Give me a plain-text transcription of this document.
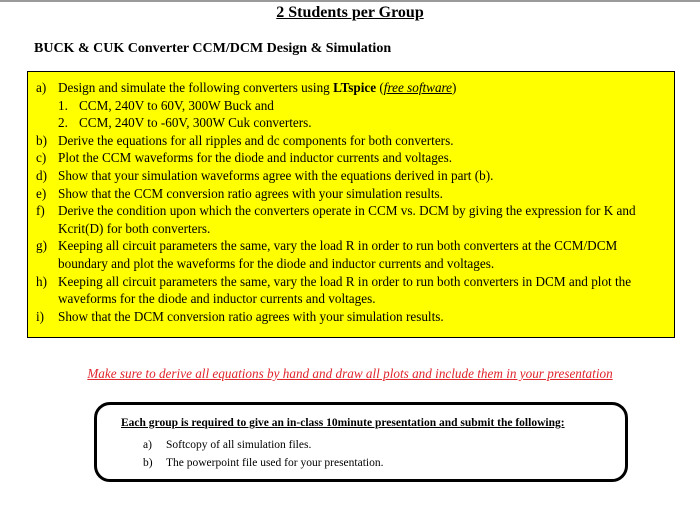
2 Students per Group
BUCK & CUK Converter CCM/DCM Design & Simulation
a) Design and simulate the following converters using LTspice (free software)
1. CCM, 240V to 60V, 300W Buck and
2. CCM, 240V to -60V, 300W Cuk converters.
b) Derive the equations for all ripples and dc components for both converters.
c) Plot the CCM waveforms for the diode and inductor currents and voltages.
d) Show that your simulation waveforms agree with the equations derived in part (b).
e) Show that the CCM conversion ratio agrees with your simulation results.
f)	Derive the condition upon which the converters operate in CCM vs. DCM by giving the expression for K and Kcrit(D) for both converters.
g) Keeping all circuit parameters the same, vary the load R in order to run both converters at the CCM/DCM boundary and plot the waveforms for the diode and inductor currents and voltages.
h) Keeping all circuit parameters the same, vary the load R in order to run both converters in DCM and plot the waveforms for the diode and inductor currents and voltages.
i)	Show that the DCM conversion ratio agrees with your simulation results.
Make sure to derive all equations by hand and draw all plots and include them in your presentation
Each group is required to give an in-class 10minute presentation and submit the following:
a)	Softcopy of all simulation files.
b)	The powerpoint file used for your presentation.
